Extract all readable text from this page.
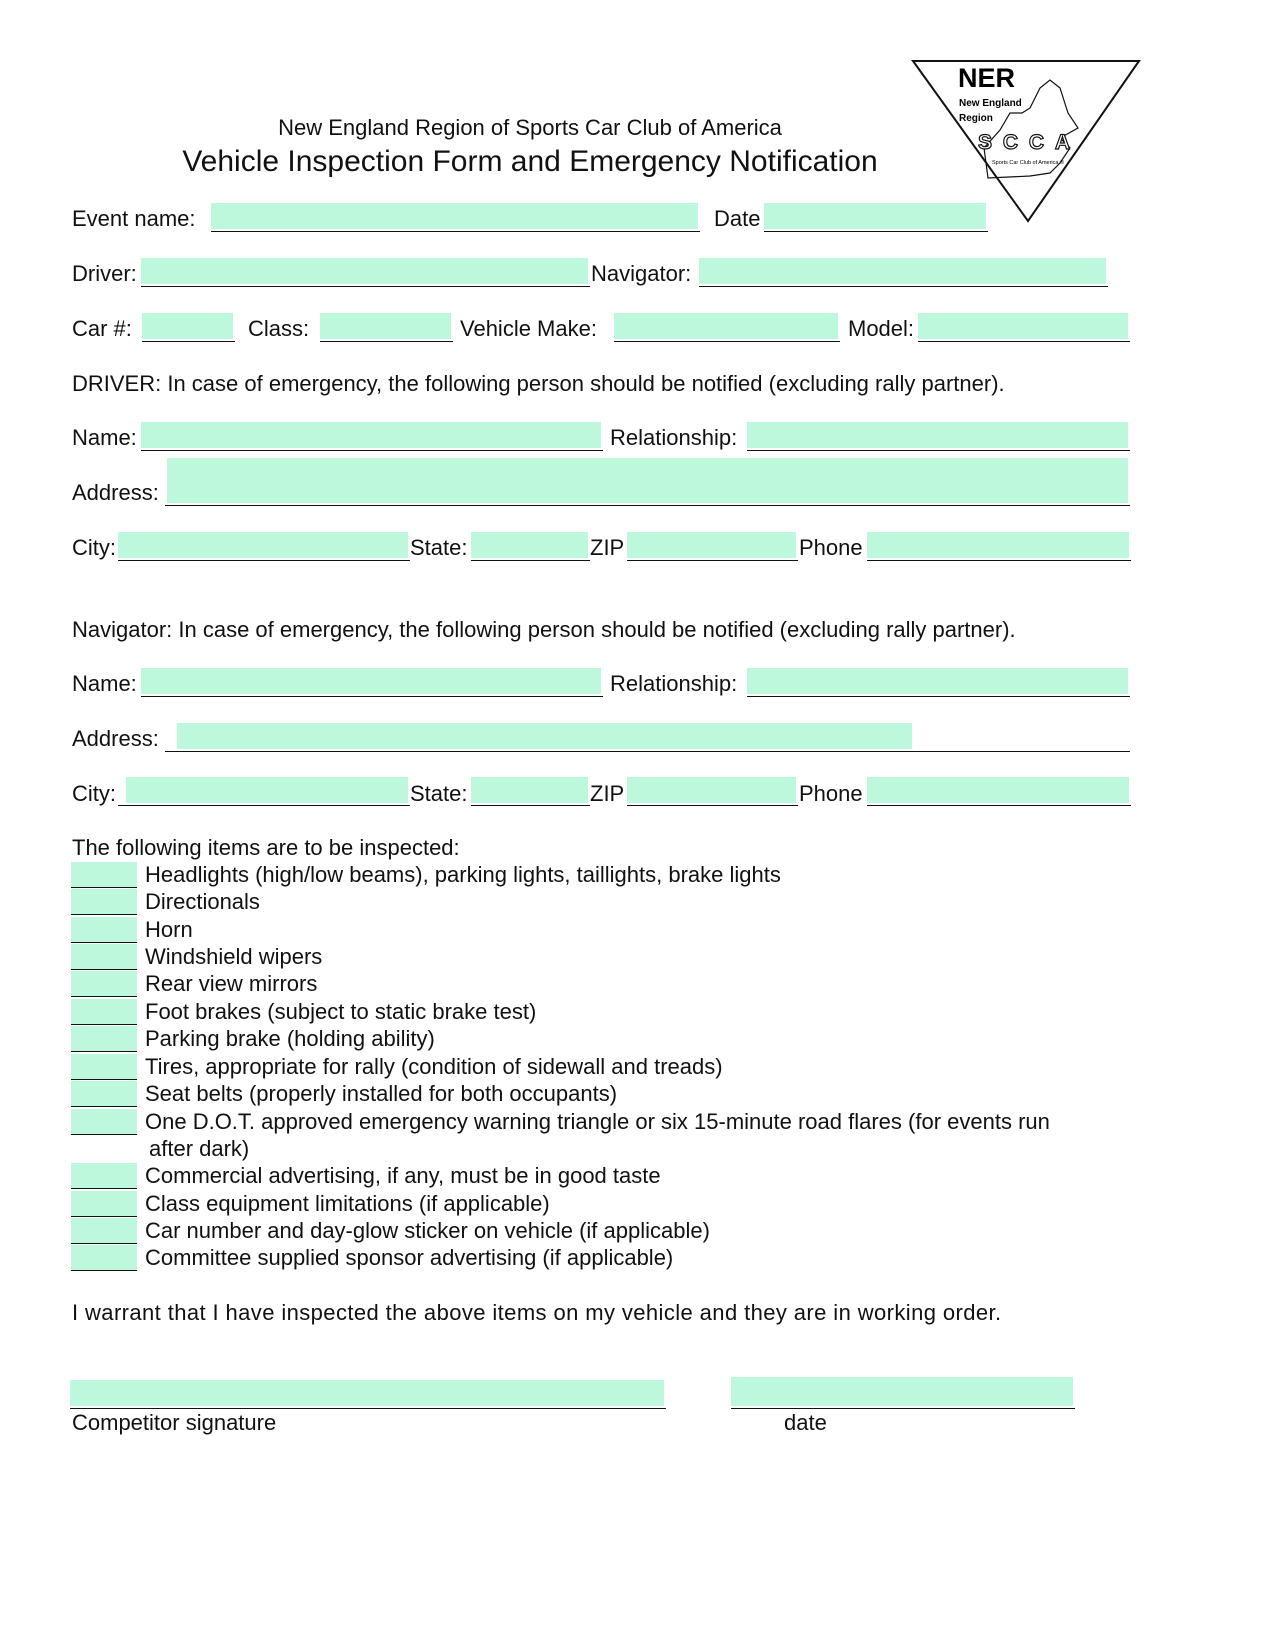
New England Region of Sports Car Club of America
Vehicle Inspection Form and Emergency Notification
NER
New England
Region
SCCA
Sports Car Club of America ®
Event name:	Date
Driver:	Navigator:
Car #:	Class:	Vehicle Make:	Model:
DRIVER: In case of emergency, the following person should be notified (excluding rally partner).
Name:	Relationship:
Address:
City:	State:	ZIP	Phone
Navigator: In case of emergency, the following person should be notified (excluding rally partner).
Name:	Relationship:
Address:
City:	State:	ZIP	Phone
The following items are to be inspected:
Headlights (high/low beams), parking lights, taillights, brake lights
Directionals
Horn
Windshield wipers
Rear view mirrors
Foot brakes (subject to static brake test)
Parking brake (holding ability)
Tires, appropriate for rally (condition of sidewall and treads)
Seat belts (properly installed for both occupants)
One D.O.T. approved emergency warning triangle or six 15-minute road flares (for events run
Commercial advertising, if any, must be in good taste
Class equipment limitations (if applicable)
Car number and day-glow sticker on vehicle (if applicable)
Committee supplied sponsor advertising (if applicable)
after dark)
I warrant that I have inspected the above items on my vehicle and they are in working order.
Competitor signature	date
